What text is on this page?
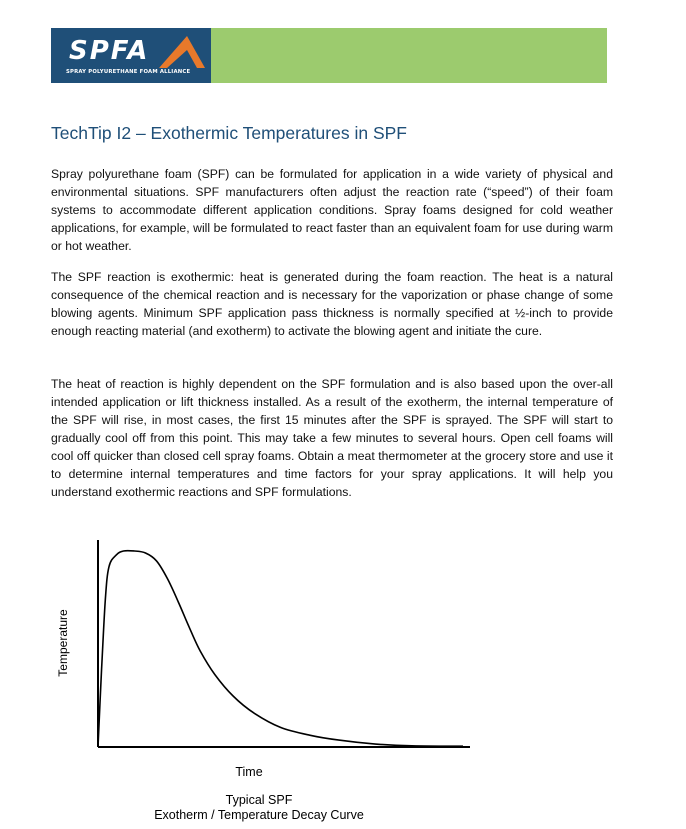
SPFA
SPRAY POLYURETHANE FOAM ALLIANCE
TechTip I2 – Exothermic Temperatures in SPF

Spray polyurethane foam (SPF) can be formulated for application in a wide variety of physical and environmental situations. SPF manufacturers often adjust the reaction rate (“speed”) of their foam systems to accommodate different application conditions. Spray foams designed for cold weather applications, for example, will be formulated to react faster than an equivalent foam for use during warm or hot weather.

The SPF reaction is exothermic: heat is generated during the foam reaction. The heat is a natural consequence of the chemical reaction and is necessary for the vaporization or phase change of some blowing agents. Minimum SPF application pass thickness is normally specified at ½-inch to provide enough reacting material (and exotherm) to activate the blowing agent and initiate the cure.

The heat of reaction is highly dependent on the SPF formulation and is also based upon the over-all intended application or lift thickness installed. As a result of the exotherm, the internal temperature of the SPF will rise, in most cases, the first 15 minutes after the SPF is sprayed. The SPF will start to gradually cool off from this point. This may take a few minutes to several hours. Open cell foams will cool off quicker than closed cell spray foams. Obtain a meat thermometer at the grocery store and use it to determine internal temperatures and time factors for your spray applications. It will help you understand exothermic reactions and SPF formulations.

Temperature
Time
Typical SPF
Exotherm / Temperature Decay Curve
